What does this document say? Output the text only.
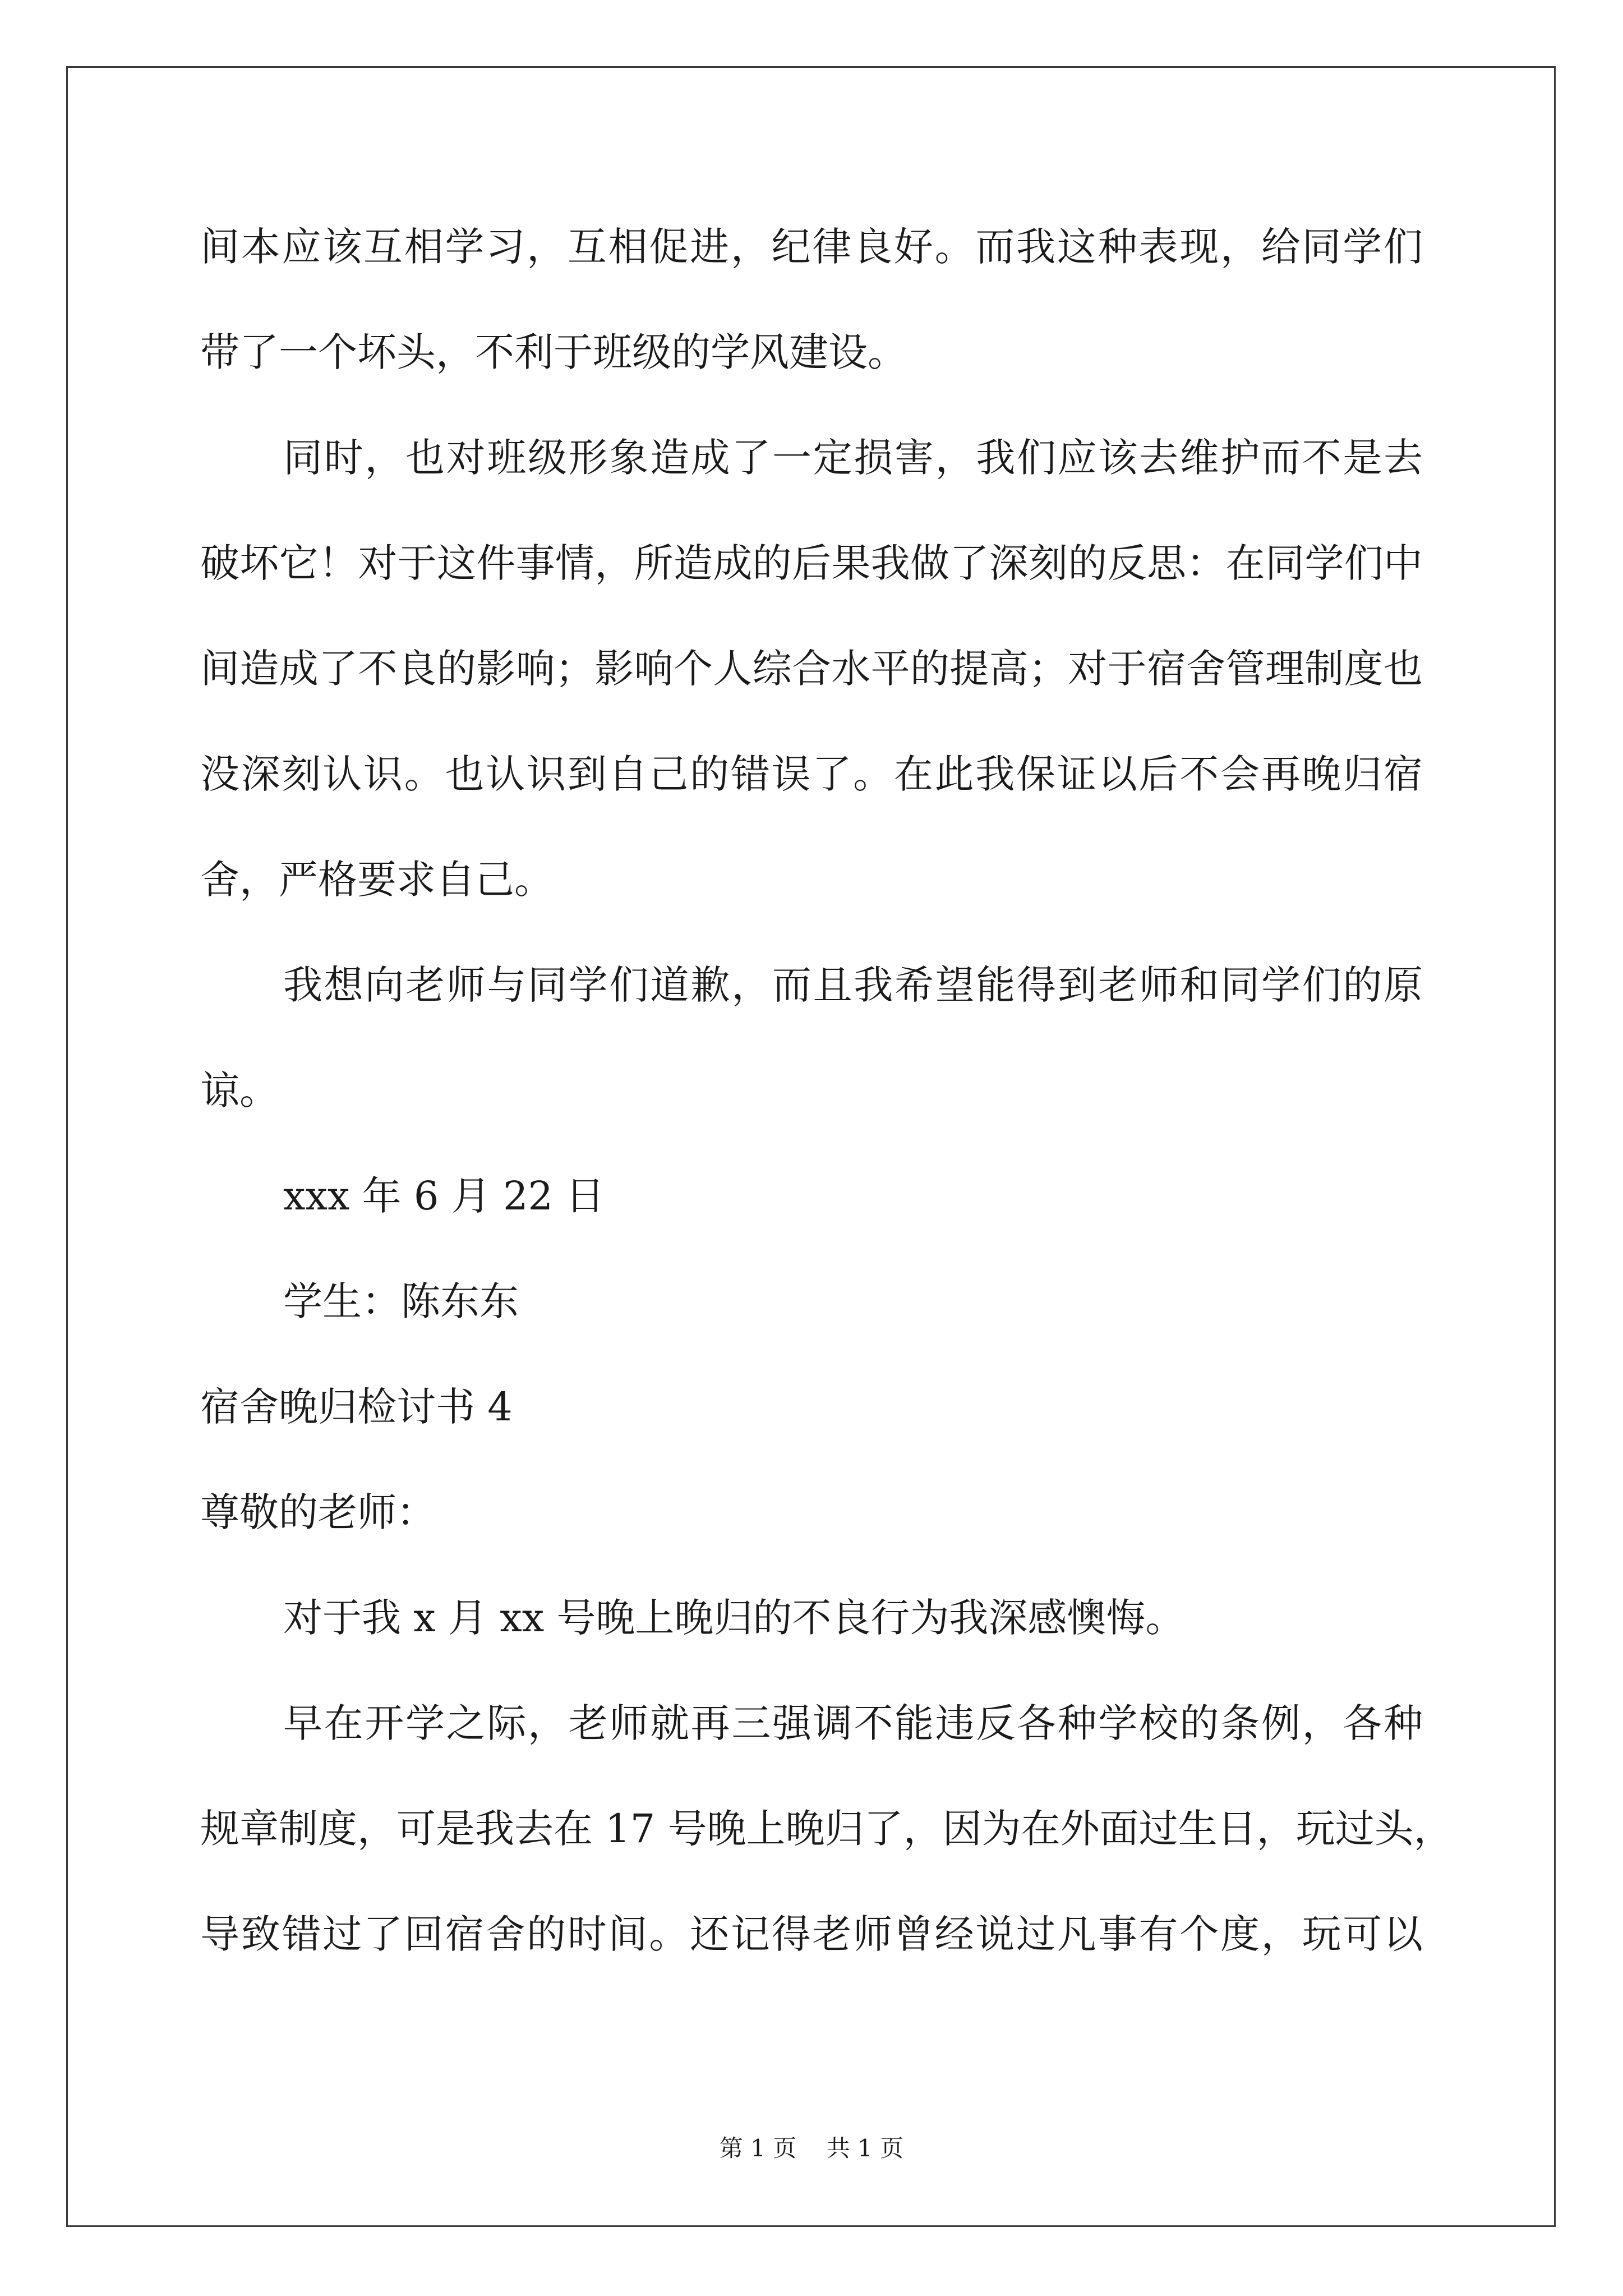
间本应该互相学习，互相促进，纪律良好。而我这种表现，给同学们
带了一个坏头，不利于班级的学风建设。
同时，也对班级形象造成了一定损害，我们应该去维护而不是去
破坏它！对于这件事情，所造成的后果我做了深刻的反思：在同学们中
间造成了不良的影响；影响个人综合水平的提高；对于宿舍管理制度也
没深刻认识。也认识到自己的错误了。在此我保证以后不会再晚归宿
舍，严格要求自己。
我想向老师与同学们道歉，而且我希望能得到老师和同学们的原
谅。
xxx 年 6 月 22 日
学生：陈东东
宿舍晚归检讨书 4
尊敬的老师：
对于我 x 月 xx 号晚上晚归的不良行为我深感懊悔。
早在开学之际，老师就再三强调不能违反各种学校的条例，各种
规章制度，可是我去在 17 号晚上晚归了，因为在外面过生日，玩过头，
导致错过了回宿舍的时间。还记得老师曾经说过凡事有个度，玩可以
第 1 页    共 1 页
